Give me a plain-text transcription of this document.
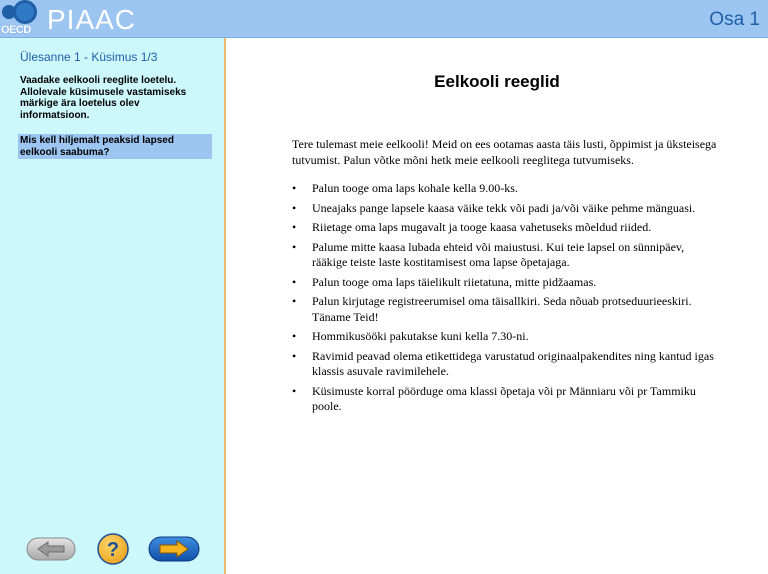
OECD PIAAC	Osa 1
Ülesanne 1 - Küsimus 1/3
Vaadake eelkooli reeglite loetelu. Allolevale küsimusele vastamiseks märkige ära loetelus olev informatsioon.
Mis kell hiljemalt peaksid lapsed eelkooli saabuma?
?
Eelkooli reeglid
Tere tulemast meie eelkooli! Meid on ees ootamas aasta täis lusti, õppimist ja üksteisega tutvumist. Palun võtke mõni hetk meie eelkooli reeglitega tutvumiseks.
• Palun tooge oma laps kohale kella 9.00-ks.
• Uneajaks pange lapsele kaasa väike tekk või padi ja/või väike pehme mänguasi.
• Riietage oma laps mugavalt ja tooge kaasa vahetuseks mõeldud riided.
• Palume mitte kaasa lubada ehteid või maiustusi. Kui teie lapsel on sünnipäev, rääkige teiste laste kostitamisest oma lapse õpetajaga.
• Palun tooge oma laps täielikult riietatuna, mitte pidžaamas.
• Palun kirjutage registreerumisel oma täisallkiri. Seda nõuab protseduurieeskiri. Täname Teid!
• Hommikusööki pakutakse kuni kella 7.30-ni.
• Ravimid peavad olema etikettidega varustatud originaalpakendites ning kantud igas klassis asuvale ravimilehele.
• Küsimuste korral pöörduge oma klassi õpetaja või pr Männiaru või pr Tammiku poole.
